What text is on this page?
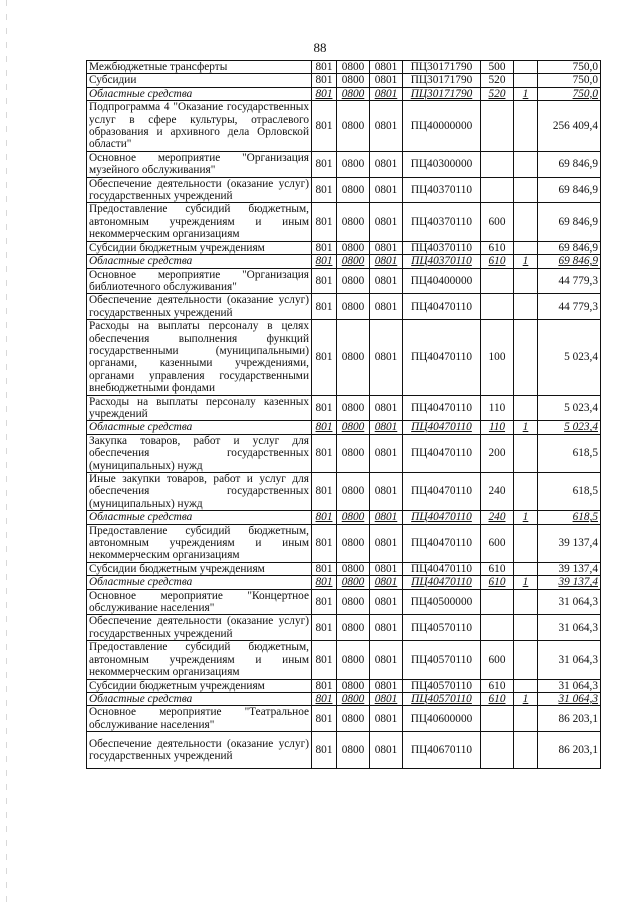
88
Межбюджетные трансферты	801	0800	0801	ПЦ30171790	500		750,0
Субсидии	801	0800	0801	ПЦ30171790	520		750,0
Областные средства	801	0800	0801	ПЦ30171790	520	1	750,0
Подпрограмма 4 "Оказание государственных услуг в сфере культуры, отраслевого образования и архивного дела Орловской области"	801	0800	0801	ПЦ40000000			256 409,4
Основное мероприятие "Организация музейного обслуживания"	801	0800	0801	ПЦ40300000			69 846,9
Обеспечение деятельности (оказание услуг) государственных учреждений	801	0800	0801	ПЦ40370110			69 846,9
Предоставление субсидий бюджетным, автономным учреждениям и иным некоммерческим организациям	801	0800	0801	ПЦ40370110	600		69 846,9
Субсидии бюджетным учреждениям	801	0800	0801	ПЦ40370110	610		69 846,9
Областные средства	801	0800	0801	ПЦ40370110	610	1	69 846,9
Основное мероприятие "Организация библиотечного обслуживания"	801	0800	0801	ПЦ40400000			44 779,3
Обеспечение деятельности (оказание услуг) государственных учреждений	801	0800	0801	ПЦ40470110			44 779,3
Расходы на выплаты персоналу в целях обеспечения выполнения функций государственными (муниципальными) органами, казенными учреждениями, органами управления государственными внебюджетными фондами	801	0800	0801	ПЦ40470110	100		5 023,4
Расходы на выплаты персоналу казенных учреждений	801	0800	0801	ПЦ40470110	110		5 023,4
Областные средства	801	0800	0801	ПЦ40470110	110	1	5 023,4
Закупка товаров, работ и услуг для обеспечения государственных (муниципальных) нужд	801	0800	0801	ПЦ40470110	200		618,5
Иные закупки товаров, работ и услуг для обеспечения государственных (муниципальных) нужд	801	0800	0801	ПЦ40470110	240		618,5
Областные средства	801	0800	0801	ПЦ40470110	240	1	618,5
Предоставление субсидий бюджетным, автономным учреждениям и иным некоммерческим организациям	801	0800	0801	ПЦ40470110	600		39 137,4
Субсидии бюджетным учреждениям	801	0800	0801	ПЦ40470110	610		39 137,4
Областные средства	801	0800	0801	ПЦ40470110	610	1	39 137,4
Основное мероприятие "Концертное обслуживание населения"	801	0800	0801	ПЦ40500000			31 064,3
Обеспечение деятельности (оказание услуг) государственных учреждений	801	0800	0801	ПЦ40570110			31 064,3
Предоставление субсидий бюджетным, автономным учреждениям и иным некоммерческим организациям	801	0800	0801	ПЦ40570110	600		31 064,3
Субсидии бюджетным учреждениям	801	0800	0801	ПЦ40570110	610		31 064,3
Областные средства	801	0800	0801	ПЦ40570110	610	1	31 064,3
Основное мероприятие "Театральное обслуживание населения"	801	0800	0801	ПЦ40600000			86 203,1
Обеспечение деятельности (оказание услуг) государственных учреждений	801	0800	0801	ПЦ40670110			86 203,1
